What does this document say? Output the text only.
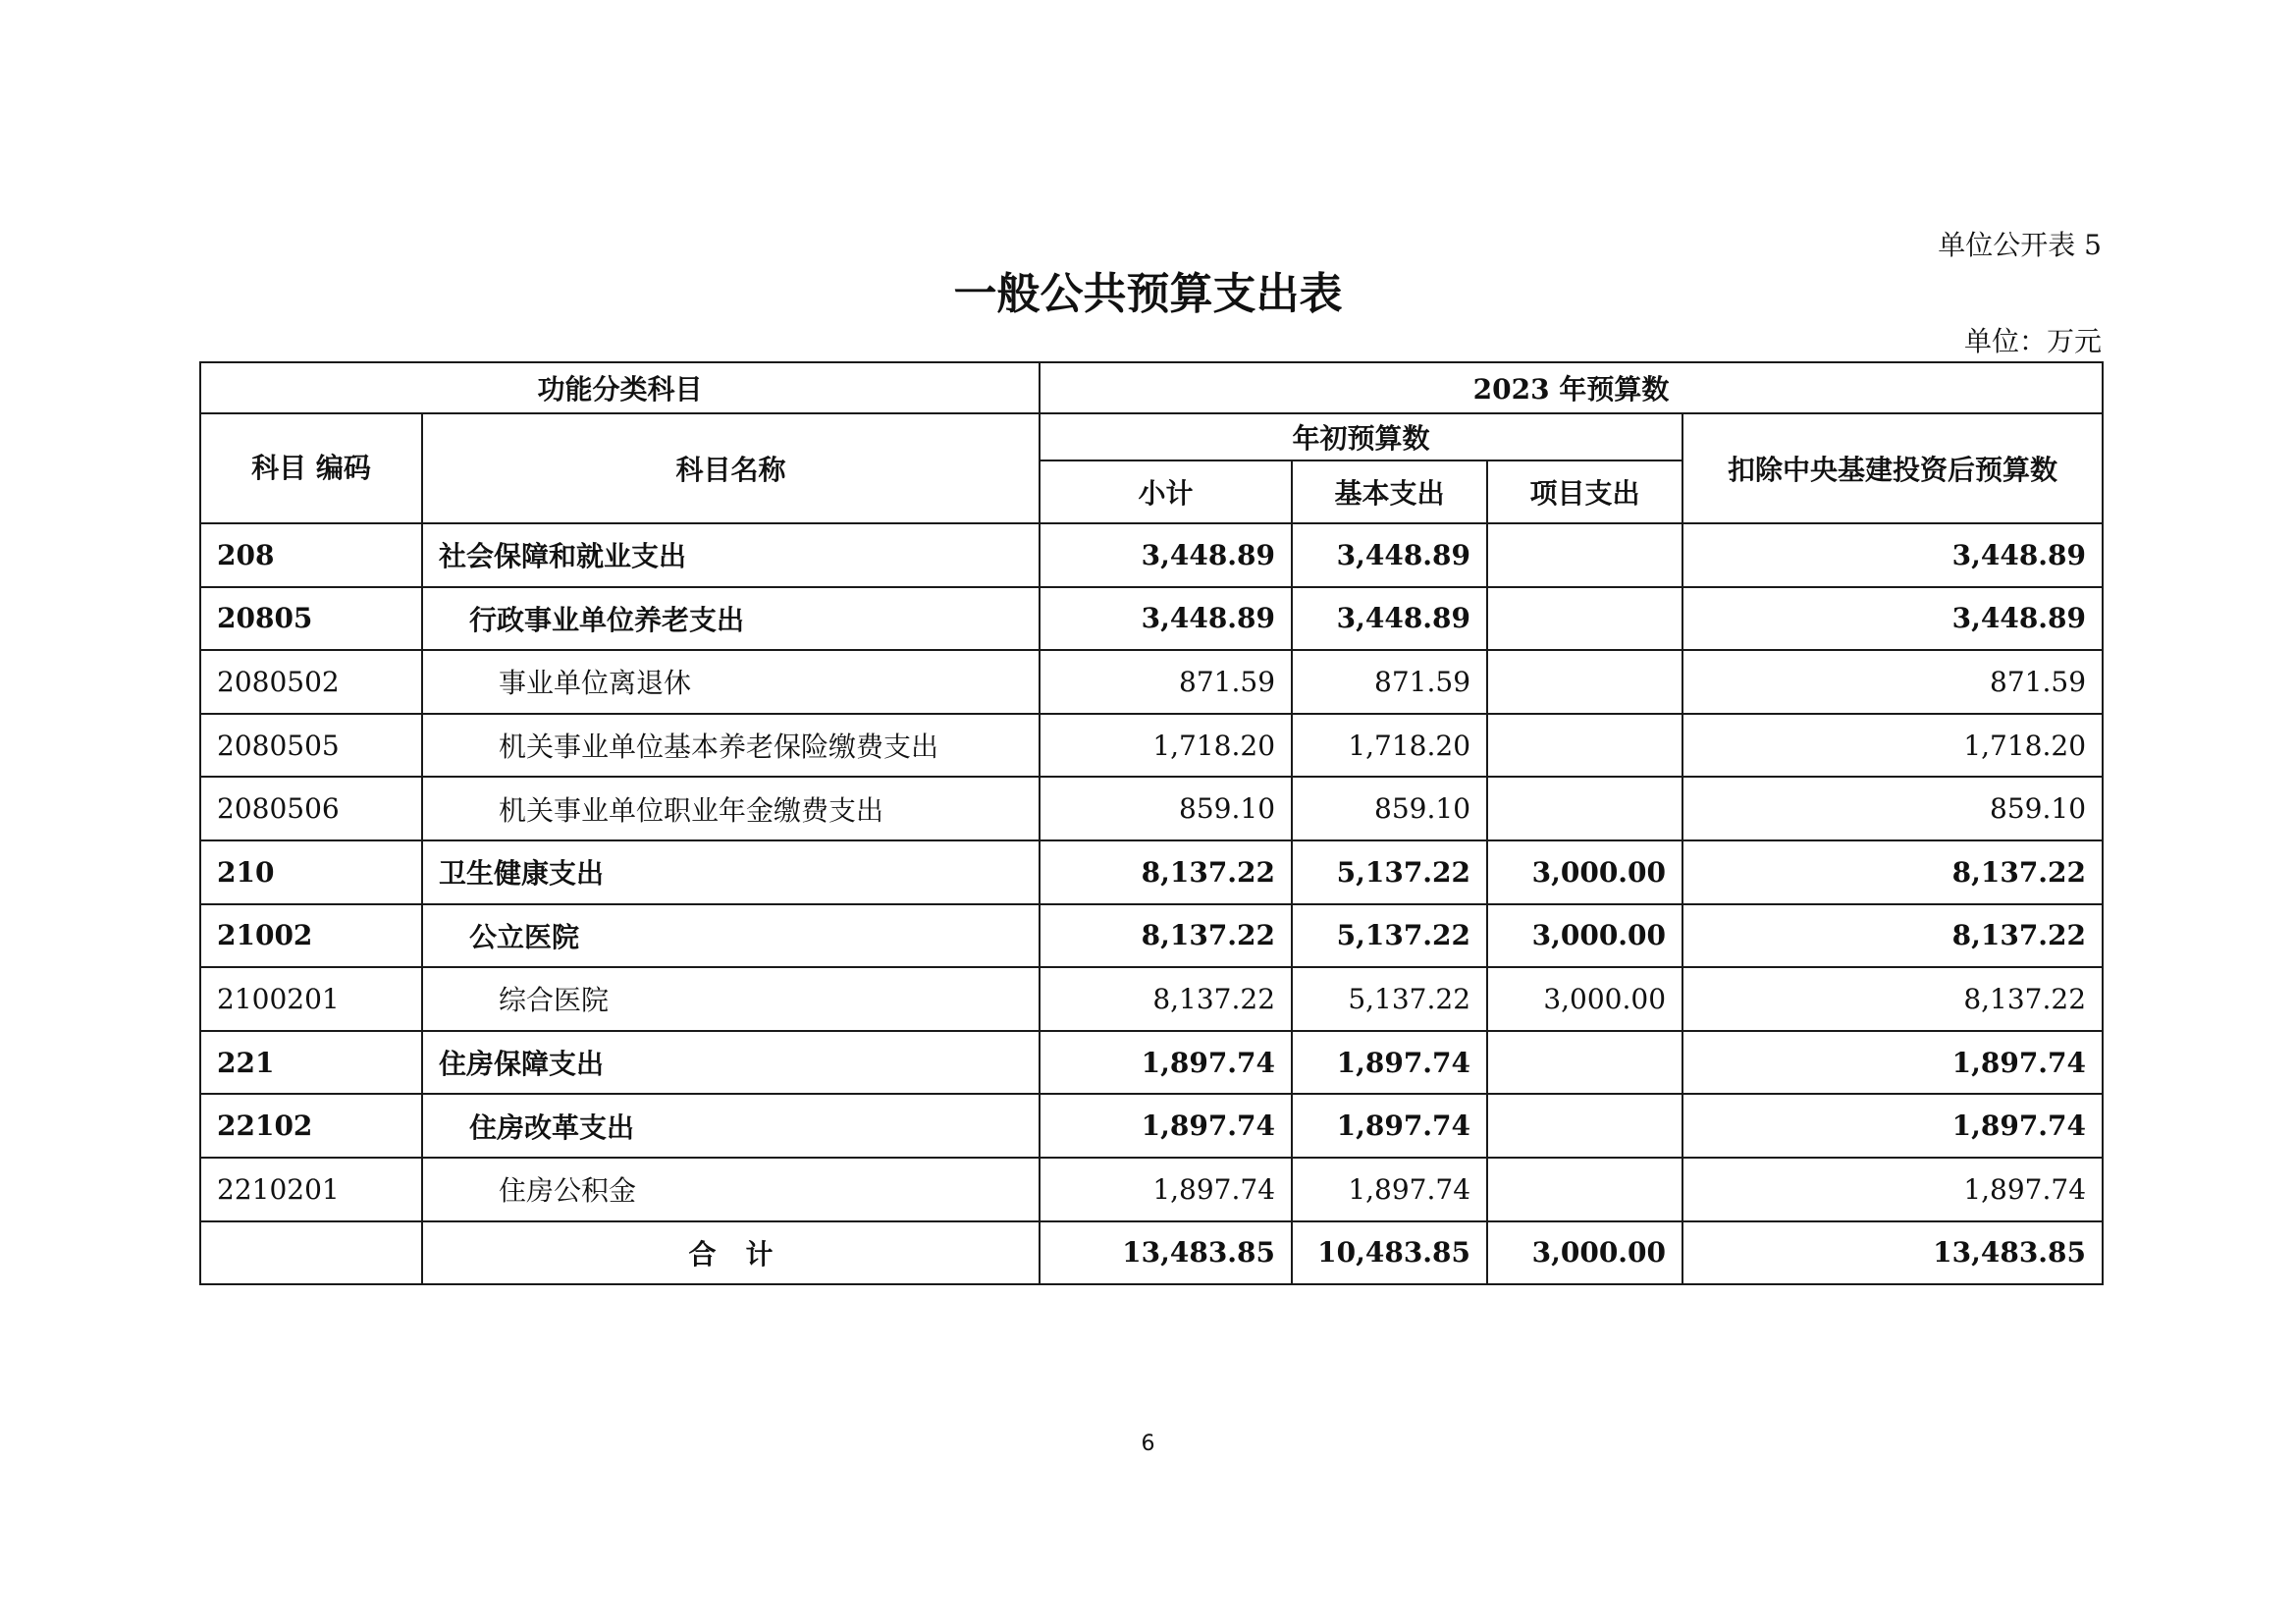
单位公开表 5
一般公共预算支出表
单位：万元
功能分类科目		2023 年预算数			
科目 编码	科目名称	年初预算数			扣除中央基建投资后预算数
		小计	基本支出	项目支出	
208	社会保障和就业支出	3,448.89	3,448.89		3,448.89
20805	行政事业单位养老支出	3,448.89	3,448.89		3,448.89
2080502	事业单位离退休	871.59	871.59		871.59
2080505	机关事业单位基本养老保险缴费支出	1,718.20	1,718.20		1,718.20
2080506	机关事业单位职业年金缴费支出	859.10	859.10		859.10
210	卫生健康支出	8,137.22	5,137.22	3,000.00	8,137.22
21002	公立医院	8,137.22	5,137.22	3,000.00	8,137.22
2100201	综合医院	8,137.22	5,137.22	3,000.00	8,137.22
221	住房保障支出	1,897.74	1,897.74		1,897.74
22102	住房改革支出	1,897.74	1,897.74		1,897.74
2210201	住房公积金	1,897.74	1,897.74		1,897.74
	合计	13,483.85	10,483.85	3,000.00	13,483.85
6
